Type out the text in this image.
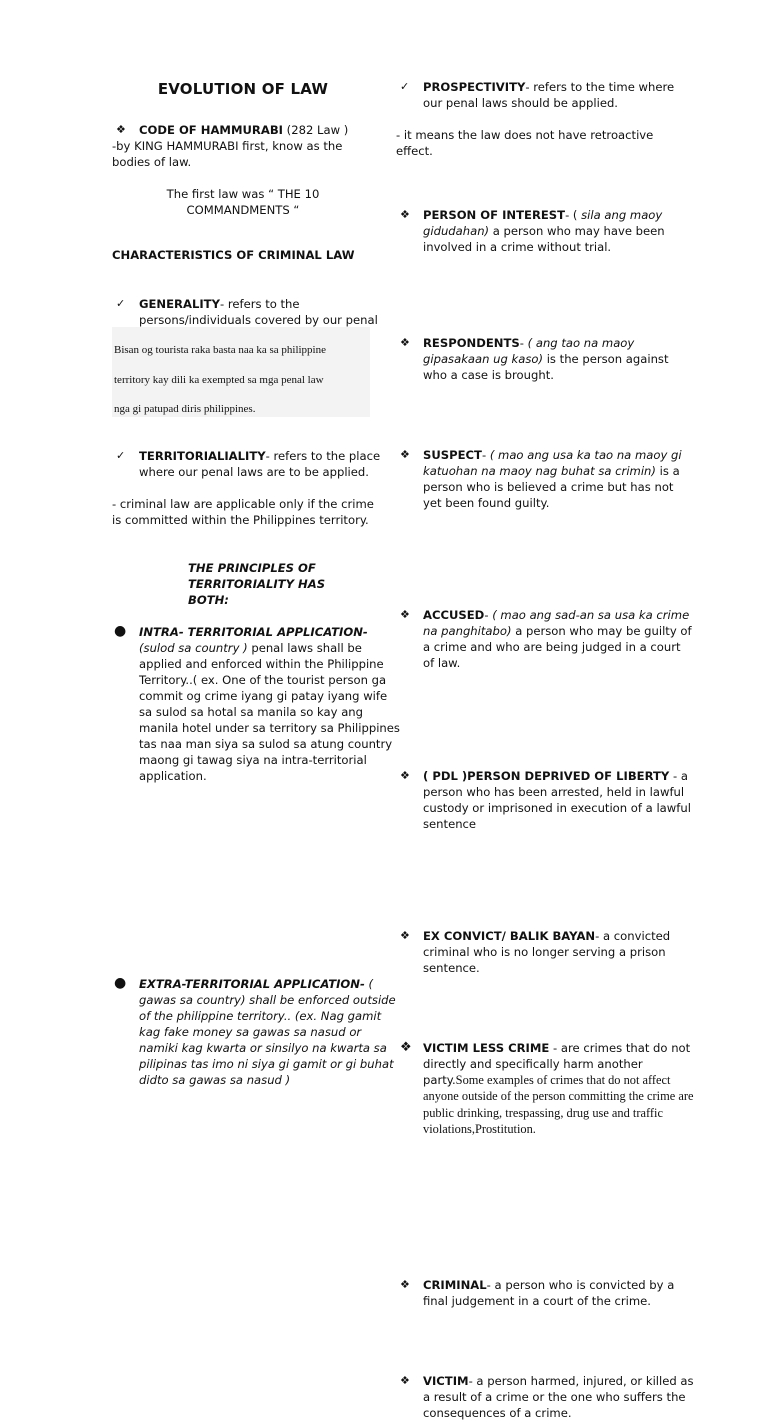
EVOLUTION OF LAW
❖ CODE OF HAMMURABI (282 Law )
-by KING HAMMURABI first, know as the bodies of law.
The first law was “ THE 10 COMMANDMENTS “
CHARACTERISTICS OF CRIMINAL LAW
✓ GENERALITY- refers to the persons/individuals covered by our penal
Bisan og tourista raka basta naa ka sa philippine
territory kay dili ka exempted sa mga penal law
nga gi patupad diris philippines.
✓ TERRITORIALIALITY- refers to the place where our penal laws are to be applied.
- criminal law are applicable only if the crime is committed within the Philippines territory.
THE PRINCIPLES OF TERRITORIALITY HAS BOTH:
● INTRA- TERRITORIAL APPLICATION- (sulod sa country ) penal laws shall be applied and enforced within the Philippine Territory..( ex. One of the tourist person ga commit og crime iyang gi patay iyang wife sa sulod sa hotal sa manila so kay ang manila hotel under sa territory sa Philippines tas naa man siya sa sulod sa atung country maong gi tawag siya na intra-territorial application.
● EXTRA-TERRITORIAL APPLICATION- ( gawas sa country) shall be enforced outside of the philippine territory.. (ex. Nag gamit kag fake money sa gawas sa nasud or namiki kag kwarta or sinsilyo na kwarta sa pilipinas tas imo ni siya gi gamit or gi buhat didto sa gawas sa nasud )
✓ PROSPECTIVITY- refers to the time where our penal laws should be applied.
- it means the law does not have retroactive effect.
❖ PERSON OF INTEREST- ( sila ang maoy gidudahan) a person who may have been involved in a crime without trial.
❖ RESPONDENTS- ( ang tao na maoy gipasakaan ug kaso) is the person against who a case is brought.
❖ SUSPECT- ( mao ang usa ka tao na maoy gi katuohan na maoy nag buhat sa crimin) is a person who is believed a crime but has not yet been found guilty.
❖ ACCUSED- ( mao ang sad-an sa usa ka crime na panghitabo) a person who may be guilty of a crime and who are being judged in a court of law.
❖ ( PDL )PERSON DEPRIVED OF LIBERTY - a person who has been arrested, held in lawful custody or imprisoned in execution of a lawful sentence
❖ EX CONVICT/ BALIK BAYAN- a convicted criminal who is no longer serving a prison sentence.
❖ VICTIM LESS CRIME - are crimes that do not directly and specifically harm another party.Some examples of crimes that do not affect anyone outside of the person committing the crime are public drinking, trespassing, drug use and traffic violations,Prostitution.
❖ CRIMINAL- a person who is convicted by a final judgement in a court of the crime.
❖ VICTIM- a person harmed, injured, or killed as a result of a crime or the one who suffers the consequences of a crime.
